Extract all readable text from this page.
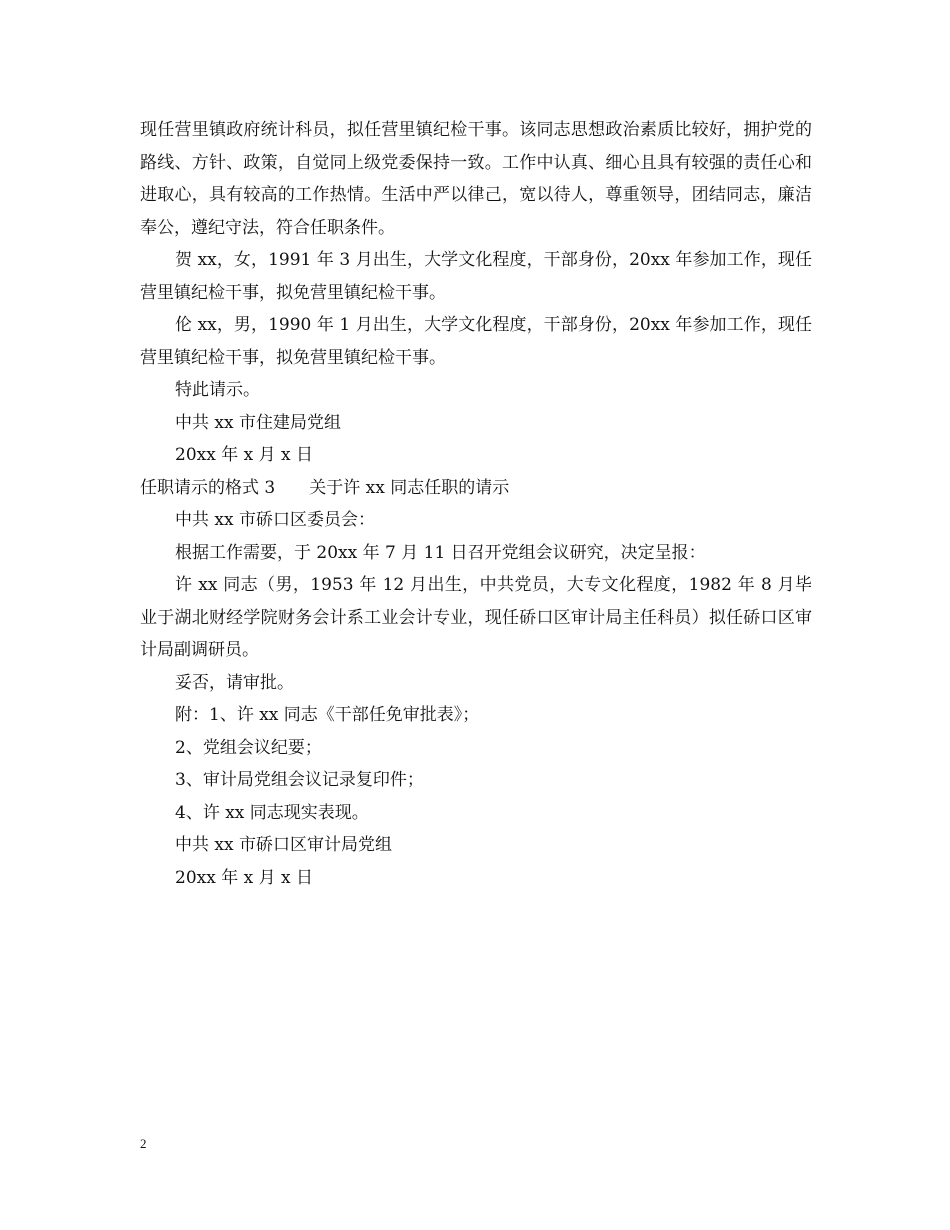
现任营里镇政府统计科员，拟任营里镇纪检干事。该同志思想政治素质比较好，拥护党的路线、方针、政策，自觉同上级党委保持一致。工作中认真、细心且具有较强的责任心和进取心，具有较高的工作热情。生活中严以律己，宽以待人，尊重领导，团结同志，廉洁奉公，遵纪守法，符合任职条件。

贺 xx，女，1991 年 3 月出生，大学文化程度，干部身份，20xx 年参加工作，现任营里镇纪检干事，拟免营里镇纪检干事。

伦 xx，男，1990 年 1 月出生，大学文化程度，干部身份，20xx 年参加工作，现任营里镇纪检干事，拟免营里镇纪检干事。

特此请示。

中共 xx 市住建局党组

20xx 年 x 月 x 日

任职请示的格式 3 关于许 xx 同志任职的请示

中共 xx 市硚口区委员会：

根据工作需要，于 20xx 年 7 月 11 日召开党组会议研究，决定呈报：

许 xx 同志（男，1953 年 12 月出生，中共党员，大专文化程度，1982 年 8 月毕业于湖北财经学院财务会计系工业会计专业，现任硚口区审计局主任科员）拟任硚口区审计局副调研员。

妥否，请审批。

附：1、许 xx 同志《干部任免审批表》；

2、党组会议纪要；

3、审计局党组会议记录复印件；

4、许 xx 同志现实表现。

中共 xx 市硚口区审计局党组

20xx 年 x 月 x 日

2
